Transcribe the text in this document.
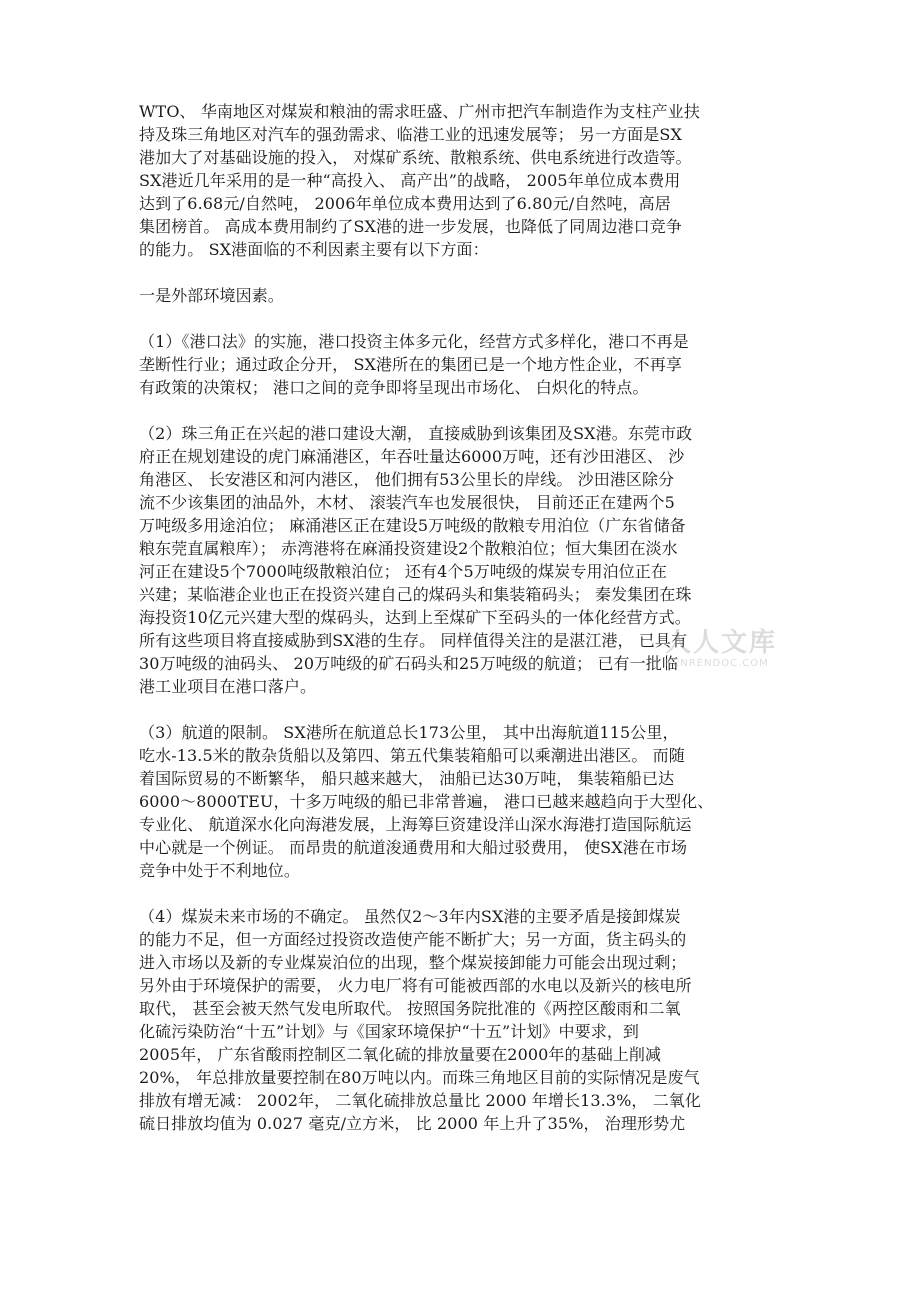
WTO、 华南地区对煤炭和粮油的需求旺盛、广州市把汽车制造作为支柱产业扶
持及珠三角地区对汽车的强劲需求、临港工业的迅速发展等； 另一方面是SX
港加大了对基础设施的投入， 对煤矿系统、散粮系统、供电系统进行改造等。
SX港近几年采用的是一种“高投入、 高产出”的战略， 2005年单位成本费用
达到了6.68元/自然吨， 2006年单位成本费用达到了6.80元/自然吨，高居
集团榜首。 高成本费用制约了SX港的进一步发展，也降低了同周边港口竞争
的能力。 SX港面临的不利因素主要有以下方面：
一是外部环境因素。
（1）《港口法》的实施，港口投资主体多元化，经营方式多样化，港口不再是
垄断性行业；通过政企分开， SX港所在的集团已是一个地方性企业，不再享
有政策的决策权； 港口之间的竞争即将呈现出市场化、 白炽化的特点。
（2）珠三角正在兴起的港口建设大潮， 直接威胁到该集团及SX港。东莞市政
府正在规划建设的虎门麻涌港区，年吞吐量达6000万吨，还有沙田港区、 沙
角港区、 长安港区和河内港区， 他们拥有53公里长的岸线。 沙田港区除分
流不少该集团的油品外，木材、 滚装汽车也发展很快， 目前还正在建两个5
万吨级多用途泊位； 麻涌港区正在建设5万吨级的散粮专用泊位（广东省储备
粮东莞直属粮库）； 赤湾港将在麻涌投资建设2个散粮泊位；恒大集团在淡水
河正在建设5个7000吨级散粮泊位； 还有4个5万吨级的煤炭专用泊位正在
兴建；某临港企业也正在投资兴建自己的煤码头和集装箱码头； 秦发集团在珠
海投资10亿元兴建大型的煤码头，达到上至煤矿下至码头的一体化经营方式。
所有这些项目将直接威胁到SX港的生存。 同样值得关注的是湛江港， 已具有
30万吨级的油码头、 20万吨级的矿石码头和25万吨级的航道； 已有一批临
港工业项目在港口落户。
（3）航道的限制。 SX港所在航道总长173公里， 其中出海航道115公里，
吃水-13.5米的散杂货船以及第四、第五代集装箱船可以乘潮进出港区。 而随
着国际贸易的不断繁华， 船只越来越大， 油船已达30万吨， 集装箱船已达
6000～8000TEU，十多万吨级的船已非常普遍， 港口已越来越趋向于大型化、
专业化、 航道深水化向海港发展，上海筹巨资建设洋山深水海港打造国际航运
中心就是一个例证。 而昂贵的航道浚通费用和大船过驳费用， 使SX港在市场
竞争中处于不利地位。
（4）煤炭未来市场的不确定。 虽然仅2～3年内SX港的主要矛盾是接卸煤炭
的能力不足，但一方面经过投资改造使产能不断扩大；另一方面，货主码头的
进入市场以及新的专业煤炭泊位的出现，整个煤炭接卸能力可能会出现过剩；
另外由于环境保护的需要， 火力电厂将有可能被西部的水电以及新兴的核电所
取代， 甚至会被天然气发电所取代。 按照国务院批准的《两控区酸雨和二氧
化硫污染防治“十五”计划》与《国家环境保护“十五”计划》中要求，到
2005年， 广东省酸雨控制区二氧化硫的排放量要在2000年的基础上削减
20%， 年总排放量要控制在80万吨以内。而珠三角地区目前的实际情况是废气
排放有增无减： 2002年， 二氧化硫排放总量比 2000 年增长13.3%， 二氧化
硫日排放均值为 0.027 毫克/立方米， 比 2000 年上升了35%， 治理形势尤
人人文库
RENRENDOC.COM
